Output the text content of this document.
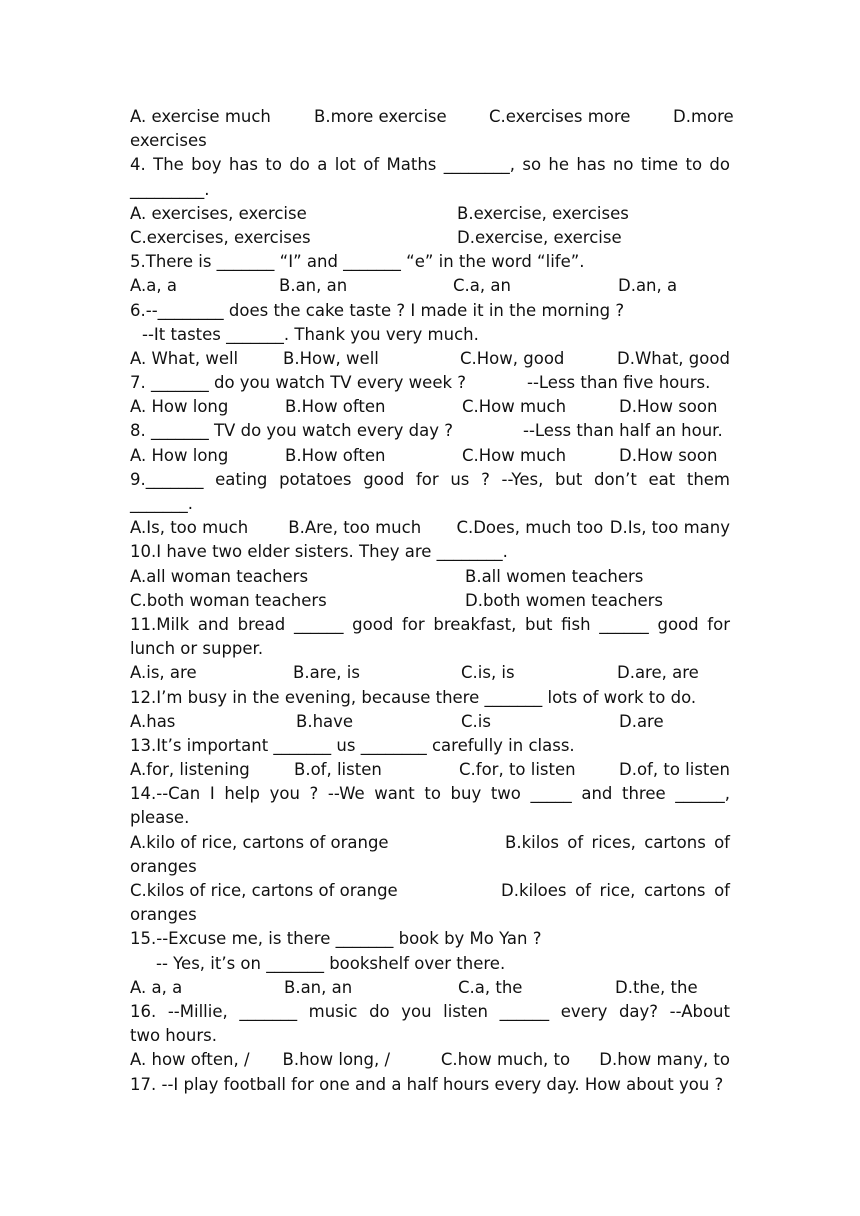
A. exercise much	B.more exercise	C.exercises more	D.more
exercises
4. The boy has to do a lot of Maths ________, so he has no time to do
_________.
A. exercises, exercise	B.exercise, exercises
C.exercises, exercises	D.exercise, exercise
5.There is _______ “I” and _______ “e” in the word “life”.
A.a, a	B.an, an	C.a, an	D.an, a
6.--________ does the cake taste ? I made it in the morning ?
--It tastes _______. Thank you very much.
A. What, well	B.How, well	C.How, good	D.What, good
7. _______ do you watch TV every week ?	--Less than five hours.
A. How long	B.How often	C.How much	D.How soon
8. _______ TV do you watch every day ?	--Less than half an hour.
A. How long	B.How often	C.How much	D.How soon
9._______ eating potatoes good for us ? --Yes, but don’t eat them
_______.
A.Is, too much	B.Are, too much	C.Does, much too D.Is, too many
10.I have two elder sisters. They are ________.
A.all woman teachers	B.all women teachers
C.both woman teachers	D.both women teachers
11.Milk and bread ______ good for breakfast, but fish ______ good for
lunch or supper.
A.is, are	B.are, is	C.is, is	D.are, are
12.I’m busy in the evening, because there _______ lots of work to do.
A.has	B.have	C.is	D.are
13.It’s important _______ us ________ carefully in class.
A.for, listening	B.of, listen	C.for, to listen	D.of, to listen
14.--Can I help you ? --We want to buy two _____ and three ______,
please.
A.kilo of rice, cartons of orange	B.kilos of rices, cartons of
oranges
C.kilos of rice, cartons of orange	D.kiloes of rice, cartons of
oranges
15.--Excuse me, is there _______ book by Mo Yan ?
-- Yes, it’s on _______ bookshelf over there.
A. a, a	B.an, an	C.a, the	D.the, the
16. --Millie, _______ music do you listen ______ every day? --About
two hours.
A. how often, /	B.how long, /	C.how much, to	D.how many, to
17. --I play football for one and a half hours every day. How about you ?
